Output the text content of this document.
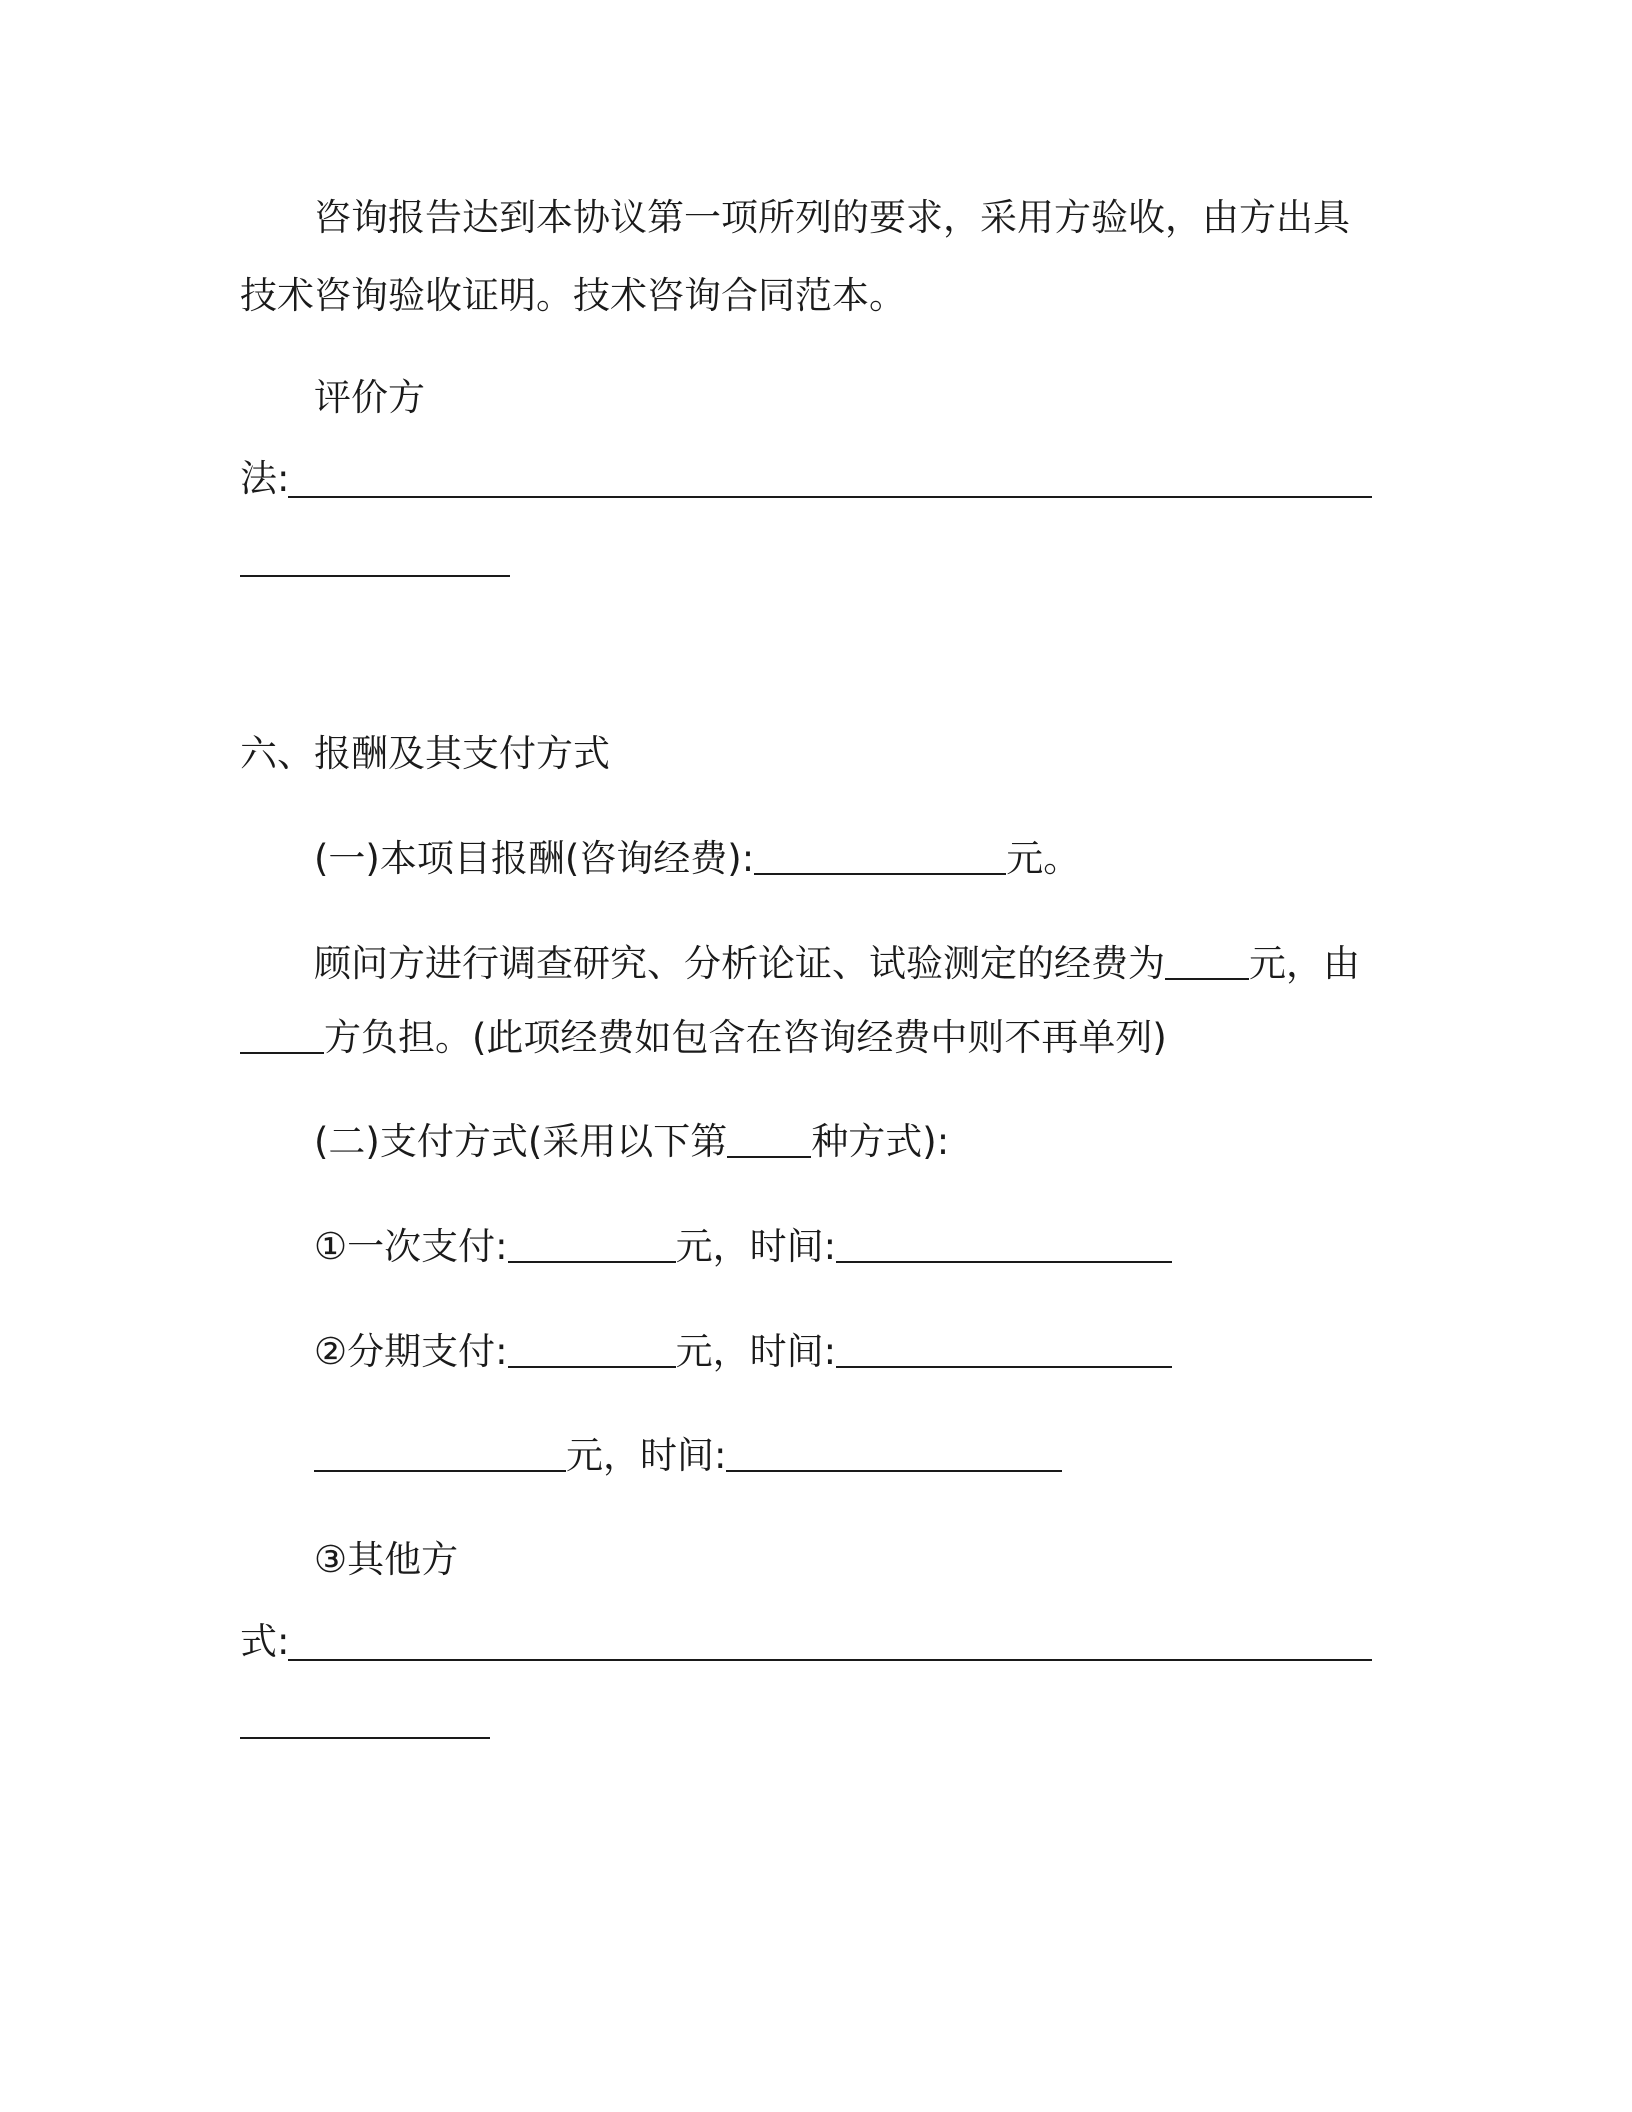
咨询报告达到本协议第一项所列的要求，采用方验收，由方出具
技术咨询验收证明。技术咨询合同范本。
评价方
法:
六、报酬及其支付方式
(一)本项目报酬(咨询经费):	元。
顾问方进行调查研究、分析论证、试验测定的经费为 元，由
方负担。(此项经费如包含在咨询经费中则不再单列)
(二)支付方式(采用以下第 种方式):
①一次支付:	元，时间:
②分期支付:	元，时间:
元，时间:
③其他方
式:
